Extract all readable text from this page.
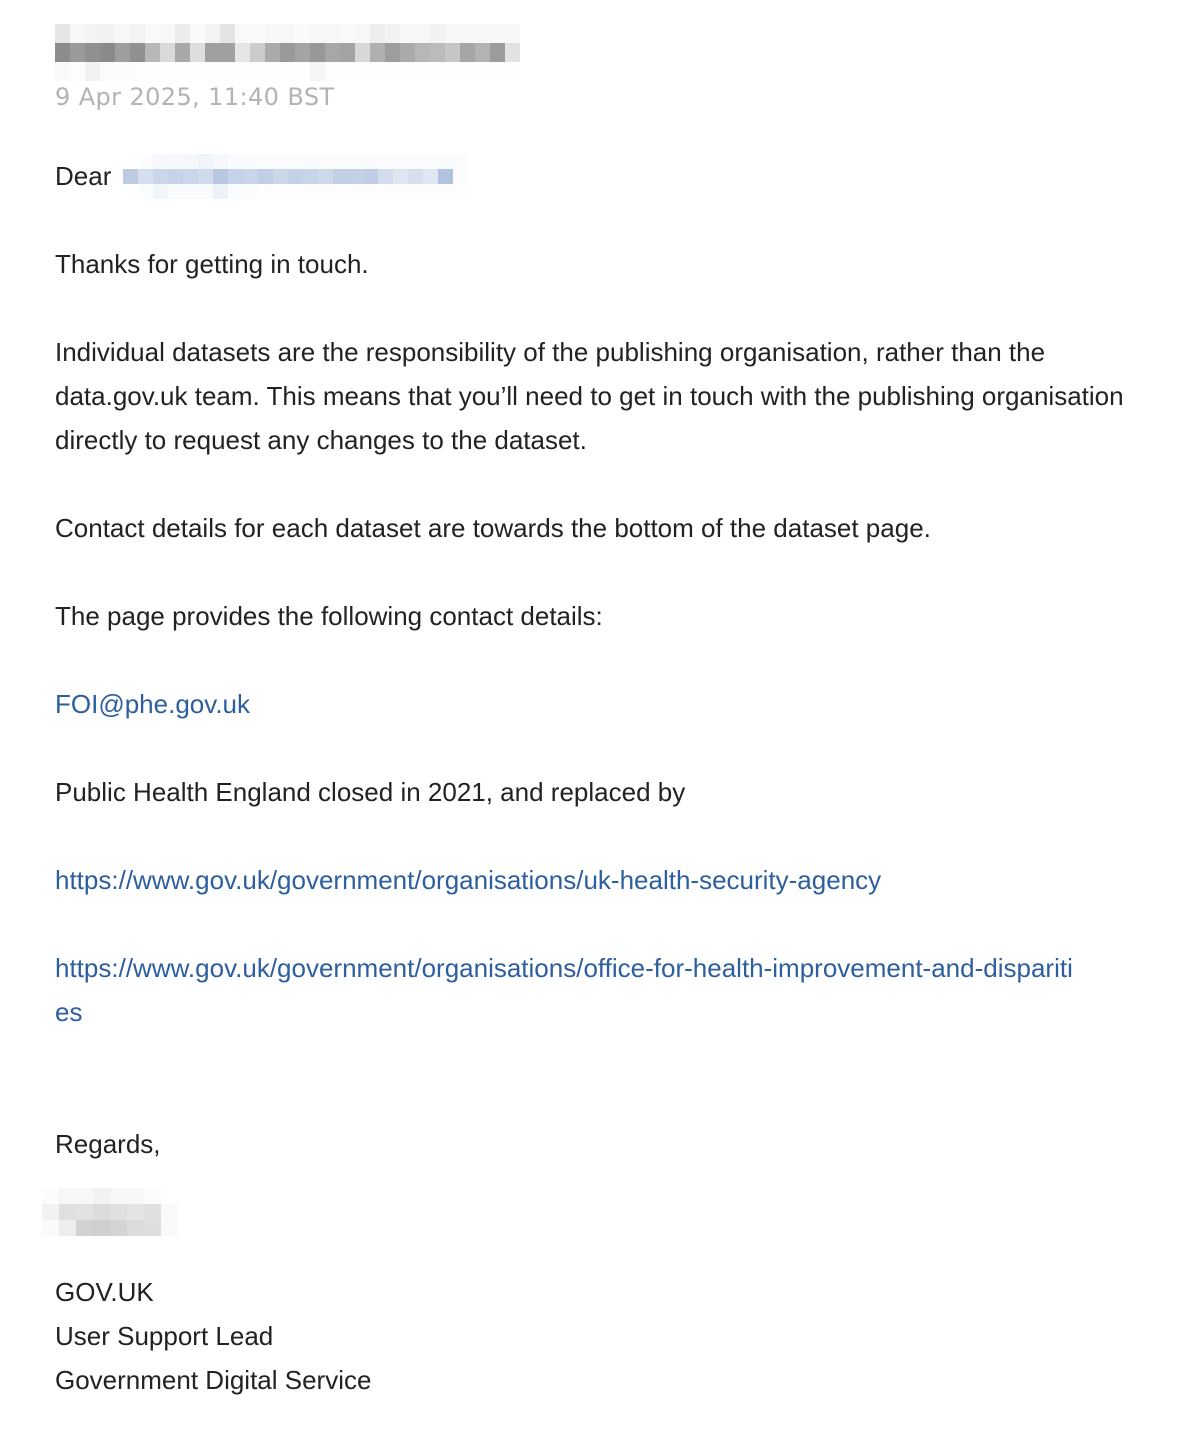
9 Apr 2025, 11:40 BST

Dear

Thanks for getting in touch.

Individual datasets are the responsibility of the publishing organisation, rather than the data.gov.uk team. This means that you’ll need to get in touch with the publishing organisation directly to request any changes to the dataset.

Contact details for each dataset are towards the bottom of the dataset page.

The page provides the following contact details:

FOI@phe.gov.uk

Public Health England closed in 2021, and replaced by

https://www.gov.uk/government/organisations/uk-health-security-agency

https://www.gov.uk/government/organisations/office-for-health-improvement-and-disparities

Regards,

GOV.UK

User Support Lead

Government Digital Service
